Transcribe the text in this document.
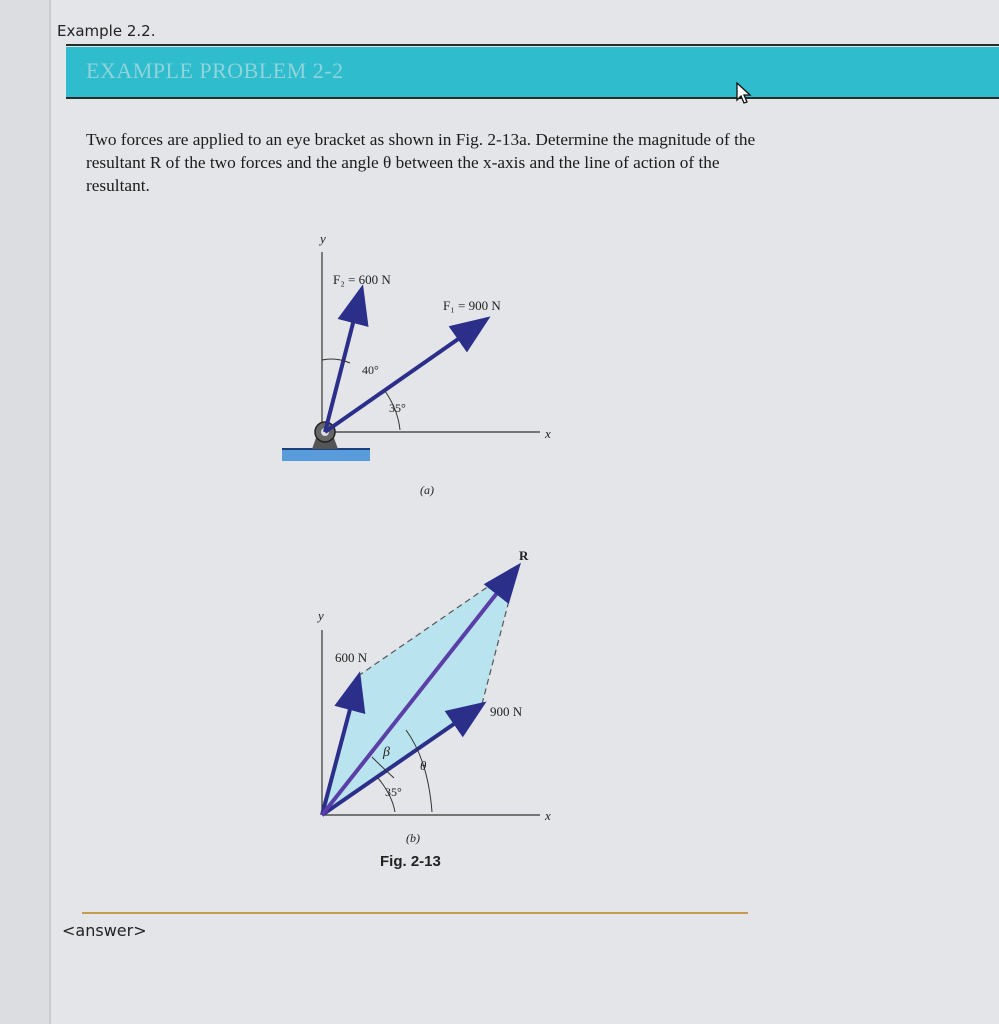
Example 2.2.
EXAMPLE PROBLEM 2-2
Two forces are applied to an eye bracket as shown in Fig. 2-13a. Determine the magnitude of the resultant R of the two forces and the angle θ between the x-axis and the line of action of the resultant.
y
x
F₂ = 600 N
F₁ = 900 N
40°
35°
(a)
y
x
R
600 N
900 N
β
θ
35°
(b)
Fig. 2-13
<answer>
